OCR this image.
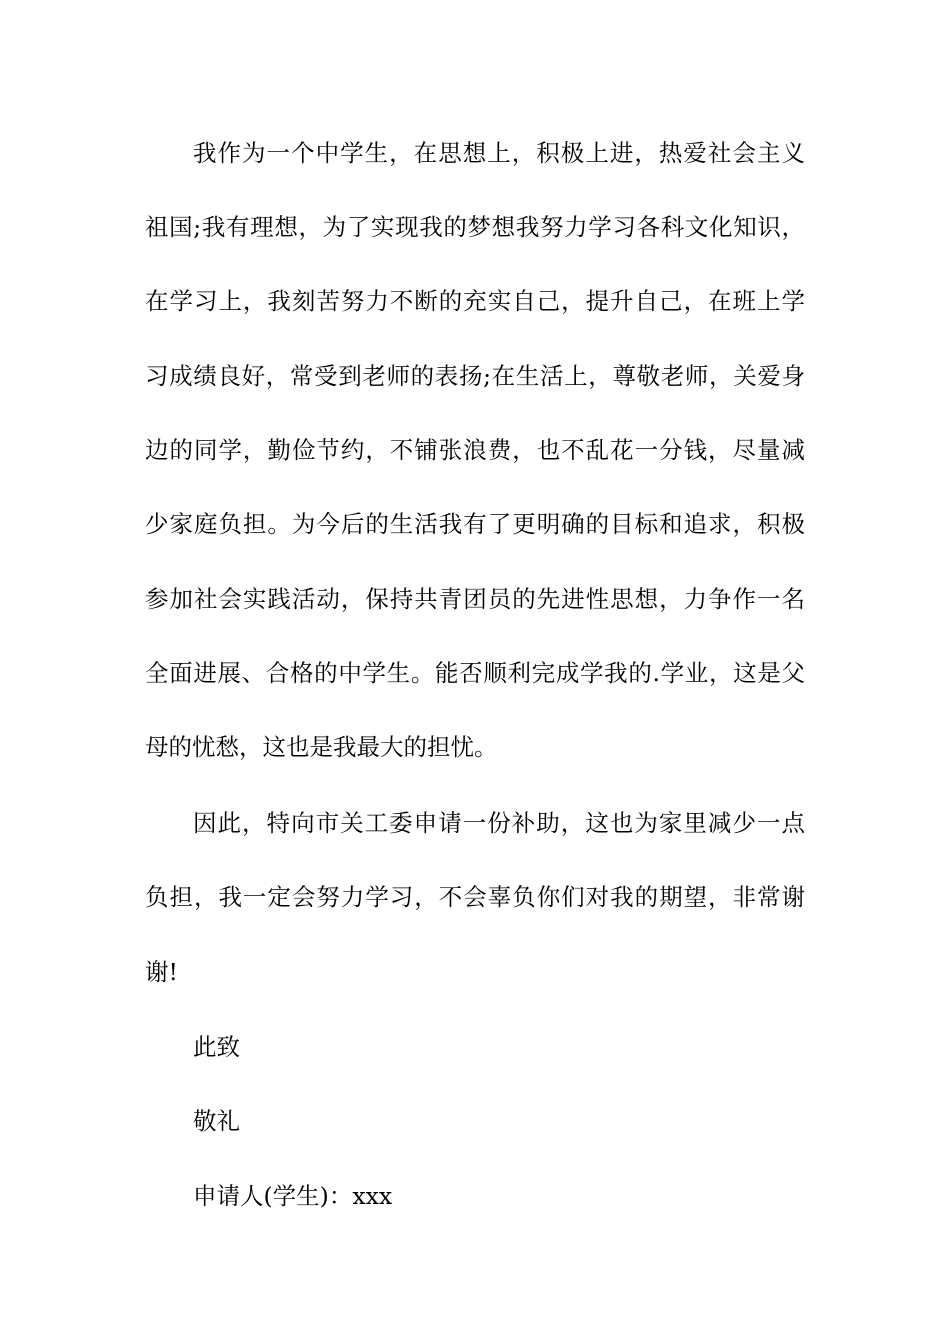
我作为一个中学生，在思想上，积极上进，热爱社会主义
祖国;我有理想，为了实现我的梦想我努力学习各科文化知识，
在学习上，我刻苦努力不断的充实自己，提升自己，在班上学
习成绩良好，常受到老师的表扬;在生活上，尊敬老师，关爱身
边的同学，勤俭节约，不铺张浪费，也不乱花一分钱，尽量减
少家庭负担。为今后的生活我有了更明确的目标和追求，积极
参加社会实践活动，保持共青团员的先进性思想，力争作一名
全面进展、合格的中学生。能否顺利完成学我的.学业，这是父
母的忧愁，这也是我最大的担忧。
因此，特向市关工委申请一份补助，这也为家里减少一点
负担，我一定会努力学习，不会辜负你们对我的期望，非常谢
谢!
此致
敬礼
申请人(学生)：xxx
